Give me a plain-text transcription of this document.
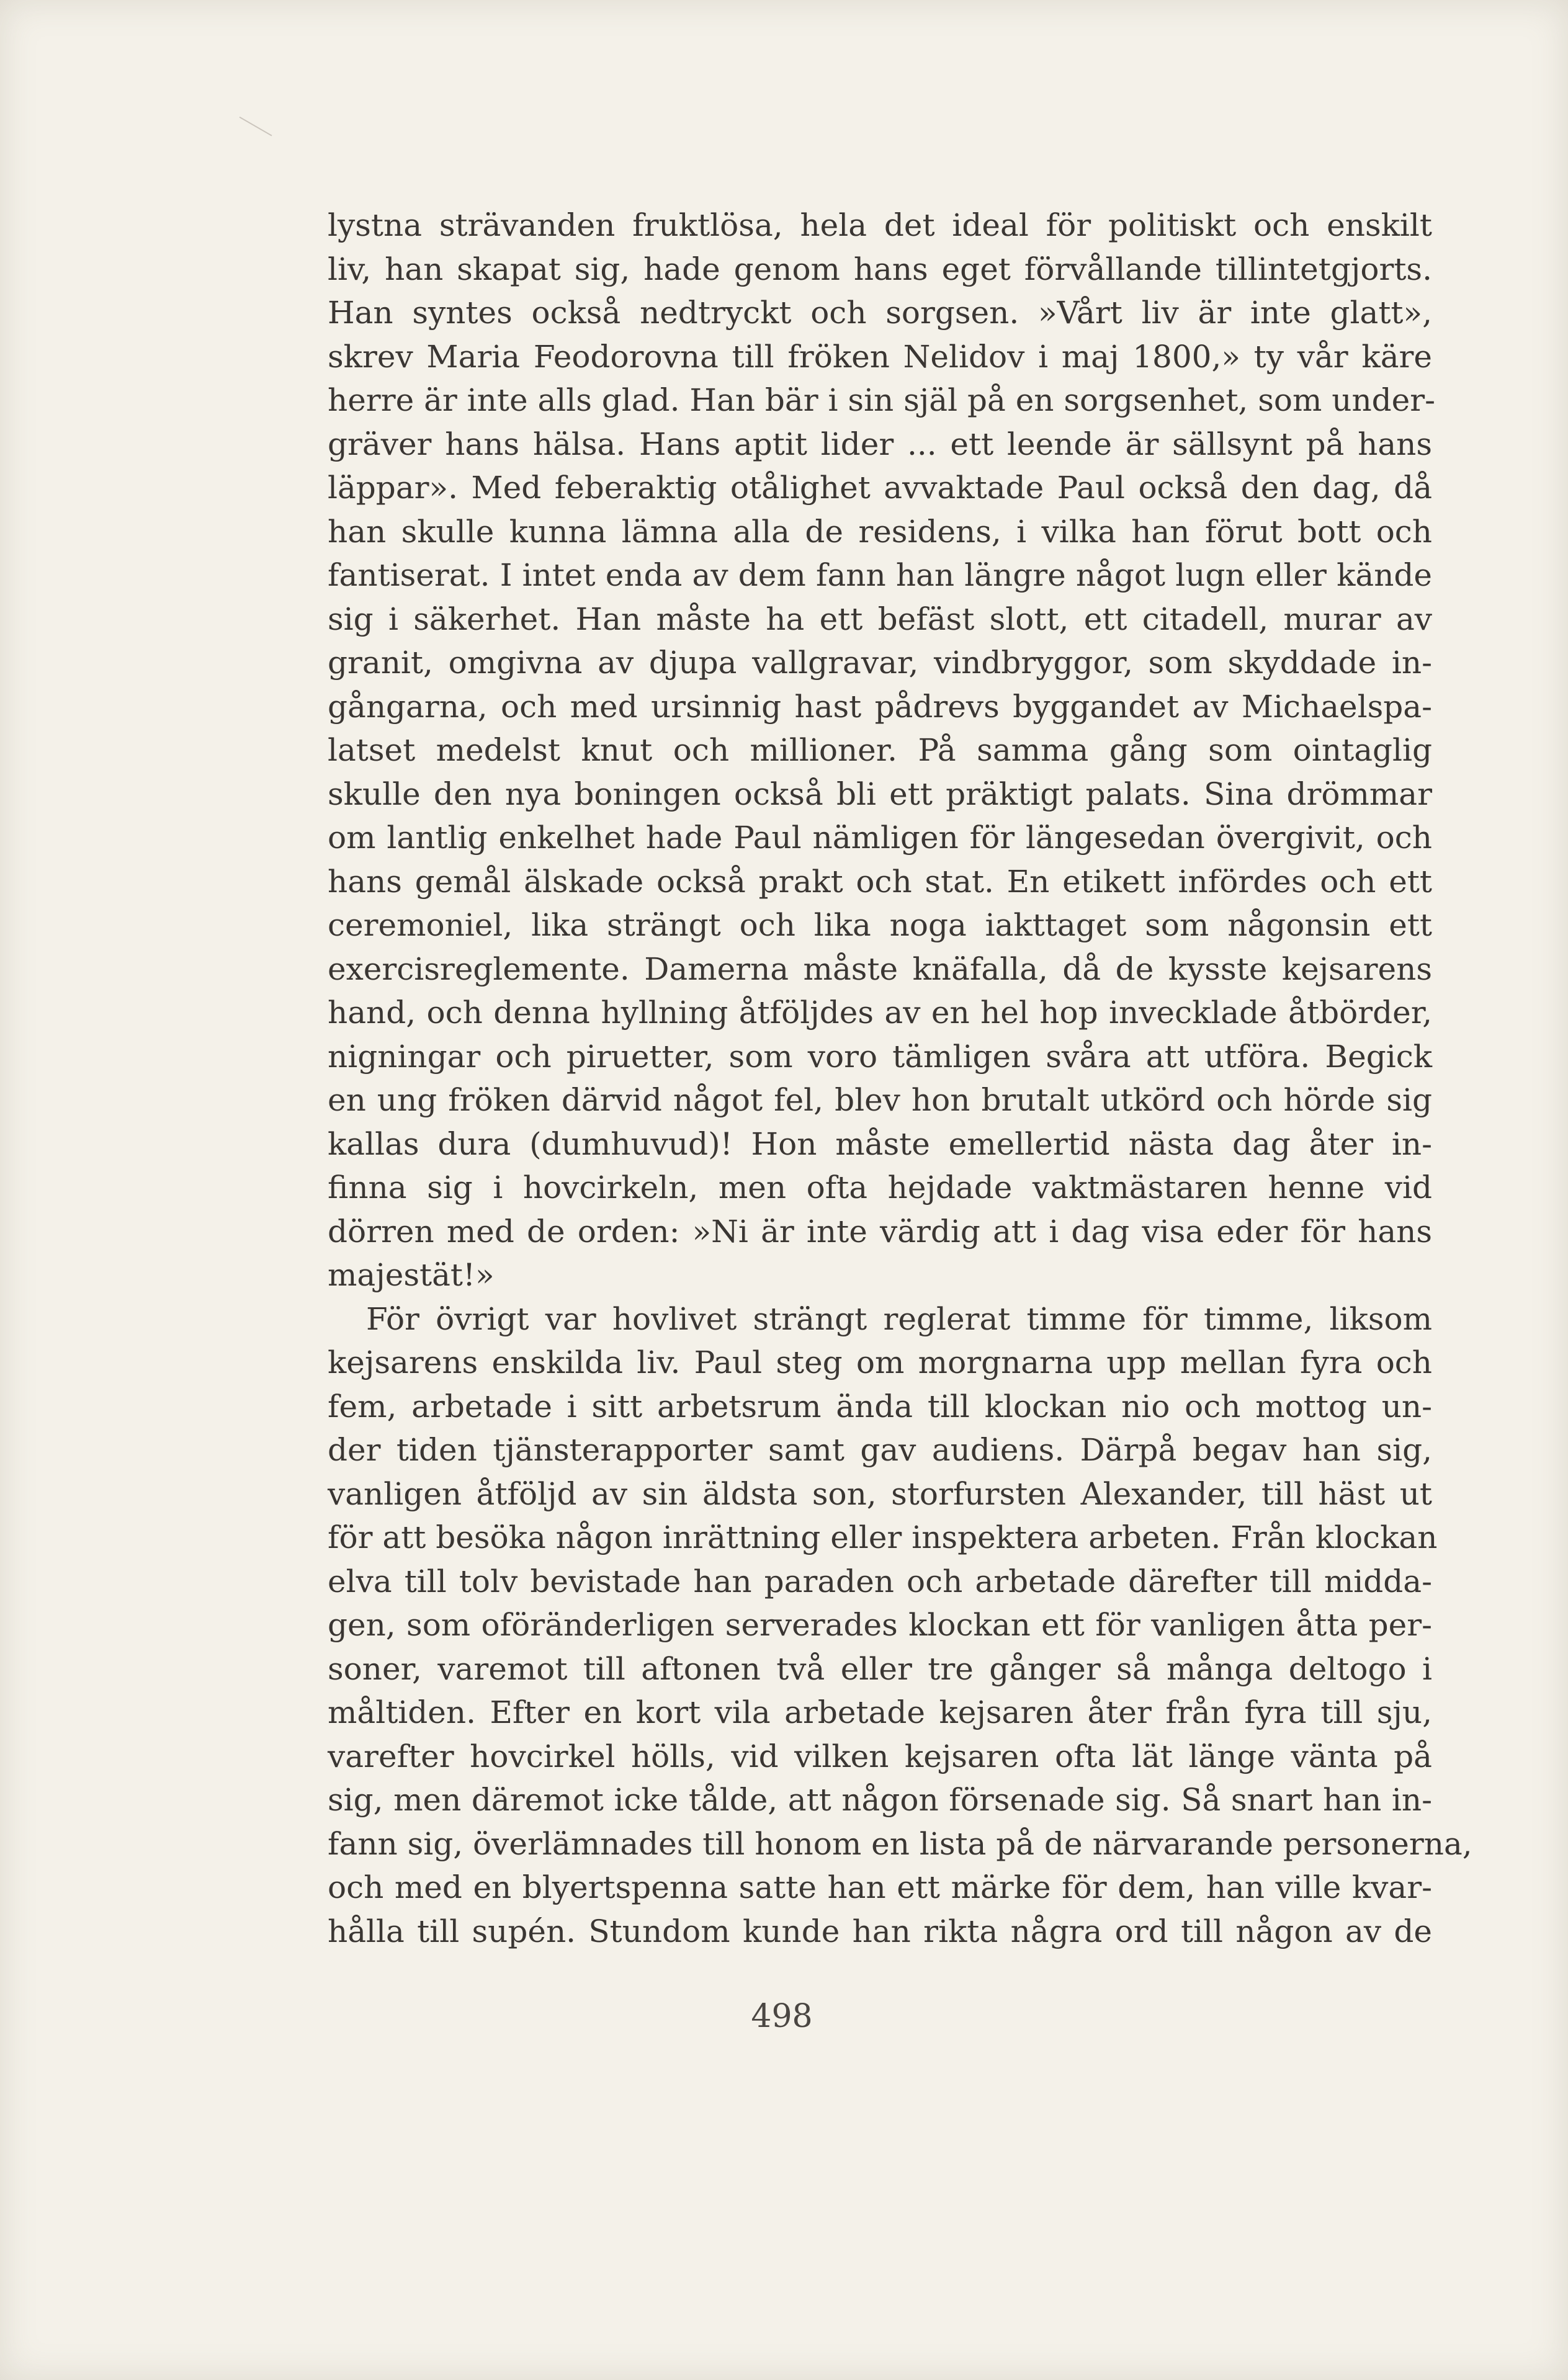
lystna strävanden fruktlösa, hela det ideal för politiskt och enskilt
liv, han skapat sig, hade genom hans eget förvållande tillintetgjorts.
Han syntes också nedtryckt och sorgsen. »Vårt liv är inte glatt»,
skrev Maria Feodorovna till fröken Nelidov i maj 1800,» ty vår käre
herre är inte alls glad. Han bär i sin själ på en sorgsenhet, som under-
gräver hans hälsa. Hans aptit lider ... ett leende är sällsynt på hans
läppar». Med feberaktig otålighet avvaktade Paul också den dag, då
han skulle kunna lämna alla de residens, i vilka han förut bott och
fantiserat. I intet enda av dem fann han längre något lugn eller kände
sig i säkerhet. Han måste ha ett befäst slott, ett citadell, murar av
granit, omgivna av djupa vallgravar, vindbryggor, som skyddade in-
gångarna, och med ursinnig hast pådrevs byggandet av Michaelspa-
latset medelst knut och millioner. På samma gång som ointaglig
skulle den nya boningen också bli ett präktigt palats. Sina drömmar
om lantlig enkelhet hade Paul nämligen för längesedan övergivit, och
hans gemål älskade också prakt och stat. En etikett infördes och ett
ceremoniel, lika strängt och lika noga iakttaget som någonsin ett
exercisreglemente. Damerna måste knäfalla, då de kysste kejsarens
hand, och denna hyllning åtföljdes av en hel hop invecklade åtbörder,
nigningar och piruetter, som voro tämligen svåra att utföra. Begick
en ung fröken därvid något fel, blev hon brutalt utkörd och hörde sig
kallas dura (dumhuvud)! Hon måste emellertid nästa dag åter in-
finna sig i hovcirkeln, men ofta hejdade vaktmästaren henne vid
dörren med de orden: »Ni är inte värdig att i dag visa eder för hans
majestät!»
För övrigt var hovlivet strängt reglerat timme för timme, liksom
kejsarens enskilda liv. Paul steg om morgnarna upp mellan fyra och
fem, arbetade i sitt arbetsrum ända till klockan nio och mottog un-
der tiden tjänsterapporter samt gav audiens. Därpå begav han sig,
vanligen åtföljd av sin äldsta son, storfursten Alexander, till häst ut
för att besöka någon inrättning eller inspektera arbeten. Från klockan
elva till tolv bevistade han paraden och arbetade därefter till midda-
gen, som oföränderligen serverades klockan ett för vanligen åtta per-
soner, varemot till aftonen två eller tre gånger så många deltogo i
måltiden. Efter en kort vila arbetade kejsaren åter från fyra till sju,
varefter hovcirkel hölls, vid vilken kejsaren ofta lät länge vänta på
sig, men däremot icke tålde, att någon försenade sig. Så snart han in-
fann sig, överlämnades till honom en lista på de närvarande personerna,
och med en blyertspenna satte han ett märke för dem, han ville kvar-
hålla till supén. Stundom kunde han rikta några ord till någon av de
498
